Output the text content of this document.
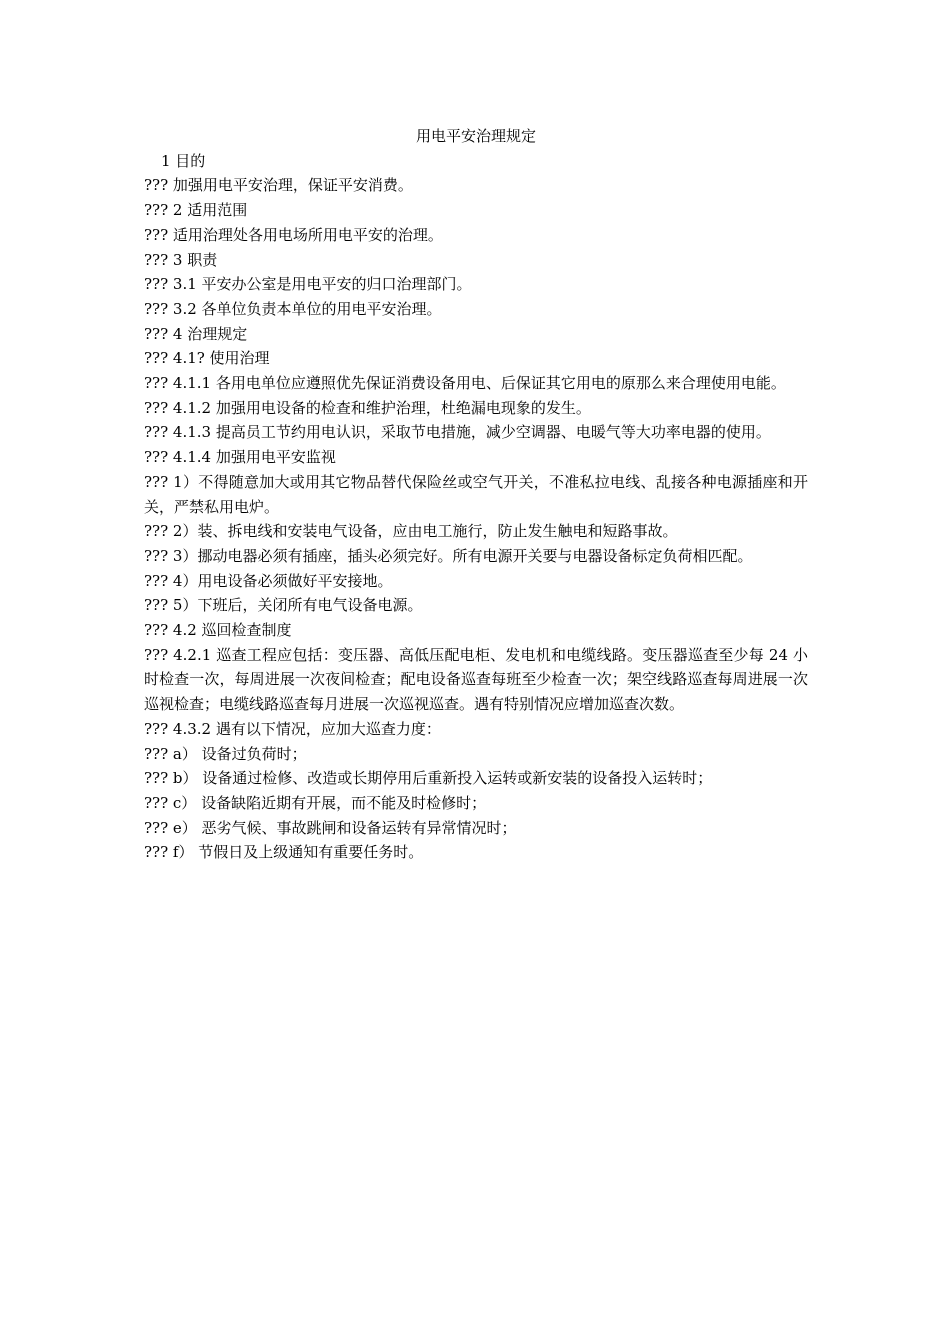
用电平安治理规定

1 目的

??? 加强用电平安治理，保证平安消费。

??? 2 适用范围

??? 适用治理处各用电场所用电平安的治理。

??? 3 职责

??? 3.1 平安办公室是用电平安的归口治理部门。

??? 3.2 各单位负责本单位的用电平安治理。

??? 4 治理规定

??? 4.1? 使用治理

??? 4.1.1 各用电单位应遵照优先保证消费设备用电、后保证其它用电的原那么来合理使用电能。

??? 4.1.2 加强用电设备的检查和维护治理，杜绝漏电现象的发生。

??? 4.1.3 提高员工节约用电认识，采取节电措施，减少空调器、电暖气等大功率电器的使用。

??? 4.1.4 加强用电平安监视

??? 1）不得随意加大或用其它物品替代保险丝或空气开关，不准私拉电线、乱接各种电源插座和开关，严禁私用电炉。

??? 2）装、拆电线和安装电气设备，应由电工施行，防止发生触电和短路事故。

??? 3）挪动电器必须有插座，插头必须完好。所有电源开关要与电器设备标定负荷相匹配。

??? 4）用电设备必须做好平安接地。

??? 5）下班后，关闭所有电气设备电源。

??? 4.2 巡回检查制度

??? 4.2.1 巡查工程应包括：变压器、高低压配电柜、发电机和电缆线路。变压器巡查至少每 24 小时检查一次，每周进展一次夜间检查；配电设备巡查每班至少检查一次；架空线路巡查每周进展一次巡视检查；电缆线路巡查每月进展一次巡视巡查。遇有特别情况应增加巡查次数。

??? 4.3.2 遇有以下情况，应加大巡查力度：

??? a） 设备过负荷时；

??? b） 设备通过检修、改造或长期停用后重新投入运转或新安装的设备投入运转时；

??? c） 设备缺陷近期有开展，而不能及时检修时；

??? e） 恶劣气候、事故跳闸和设备运转有异常情况时；

??? f） 节假日及上级通知有重要任务时。
